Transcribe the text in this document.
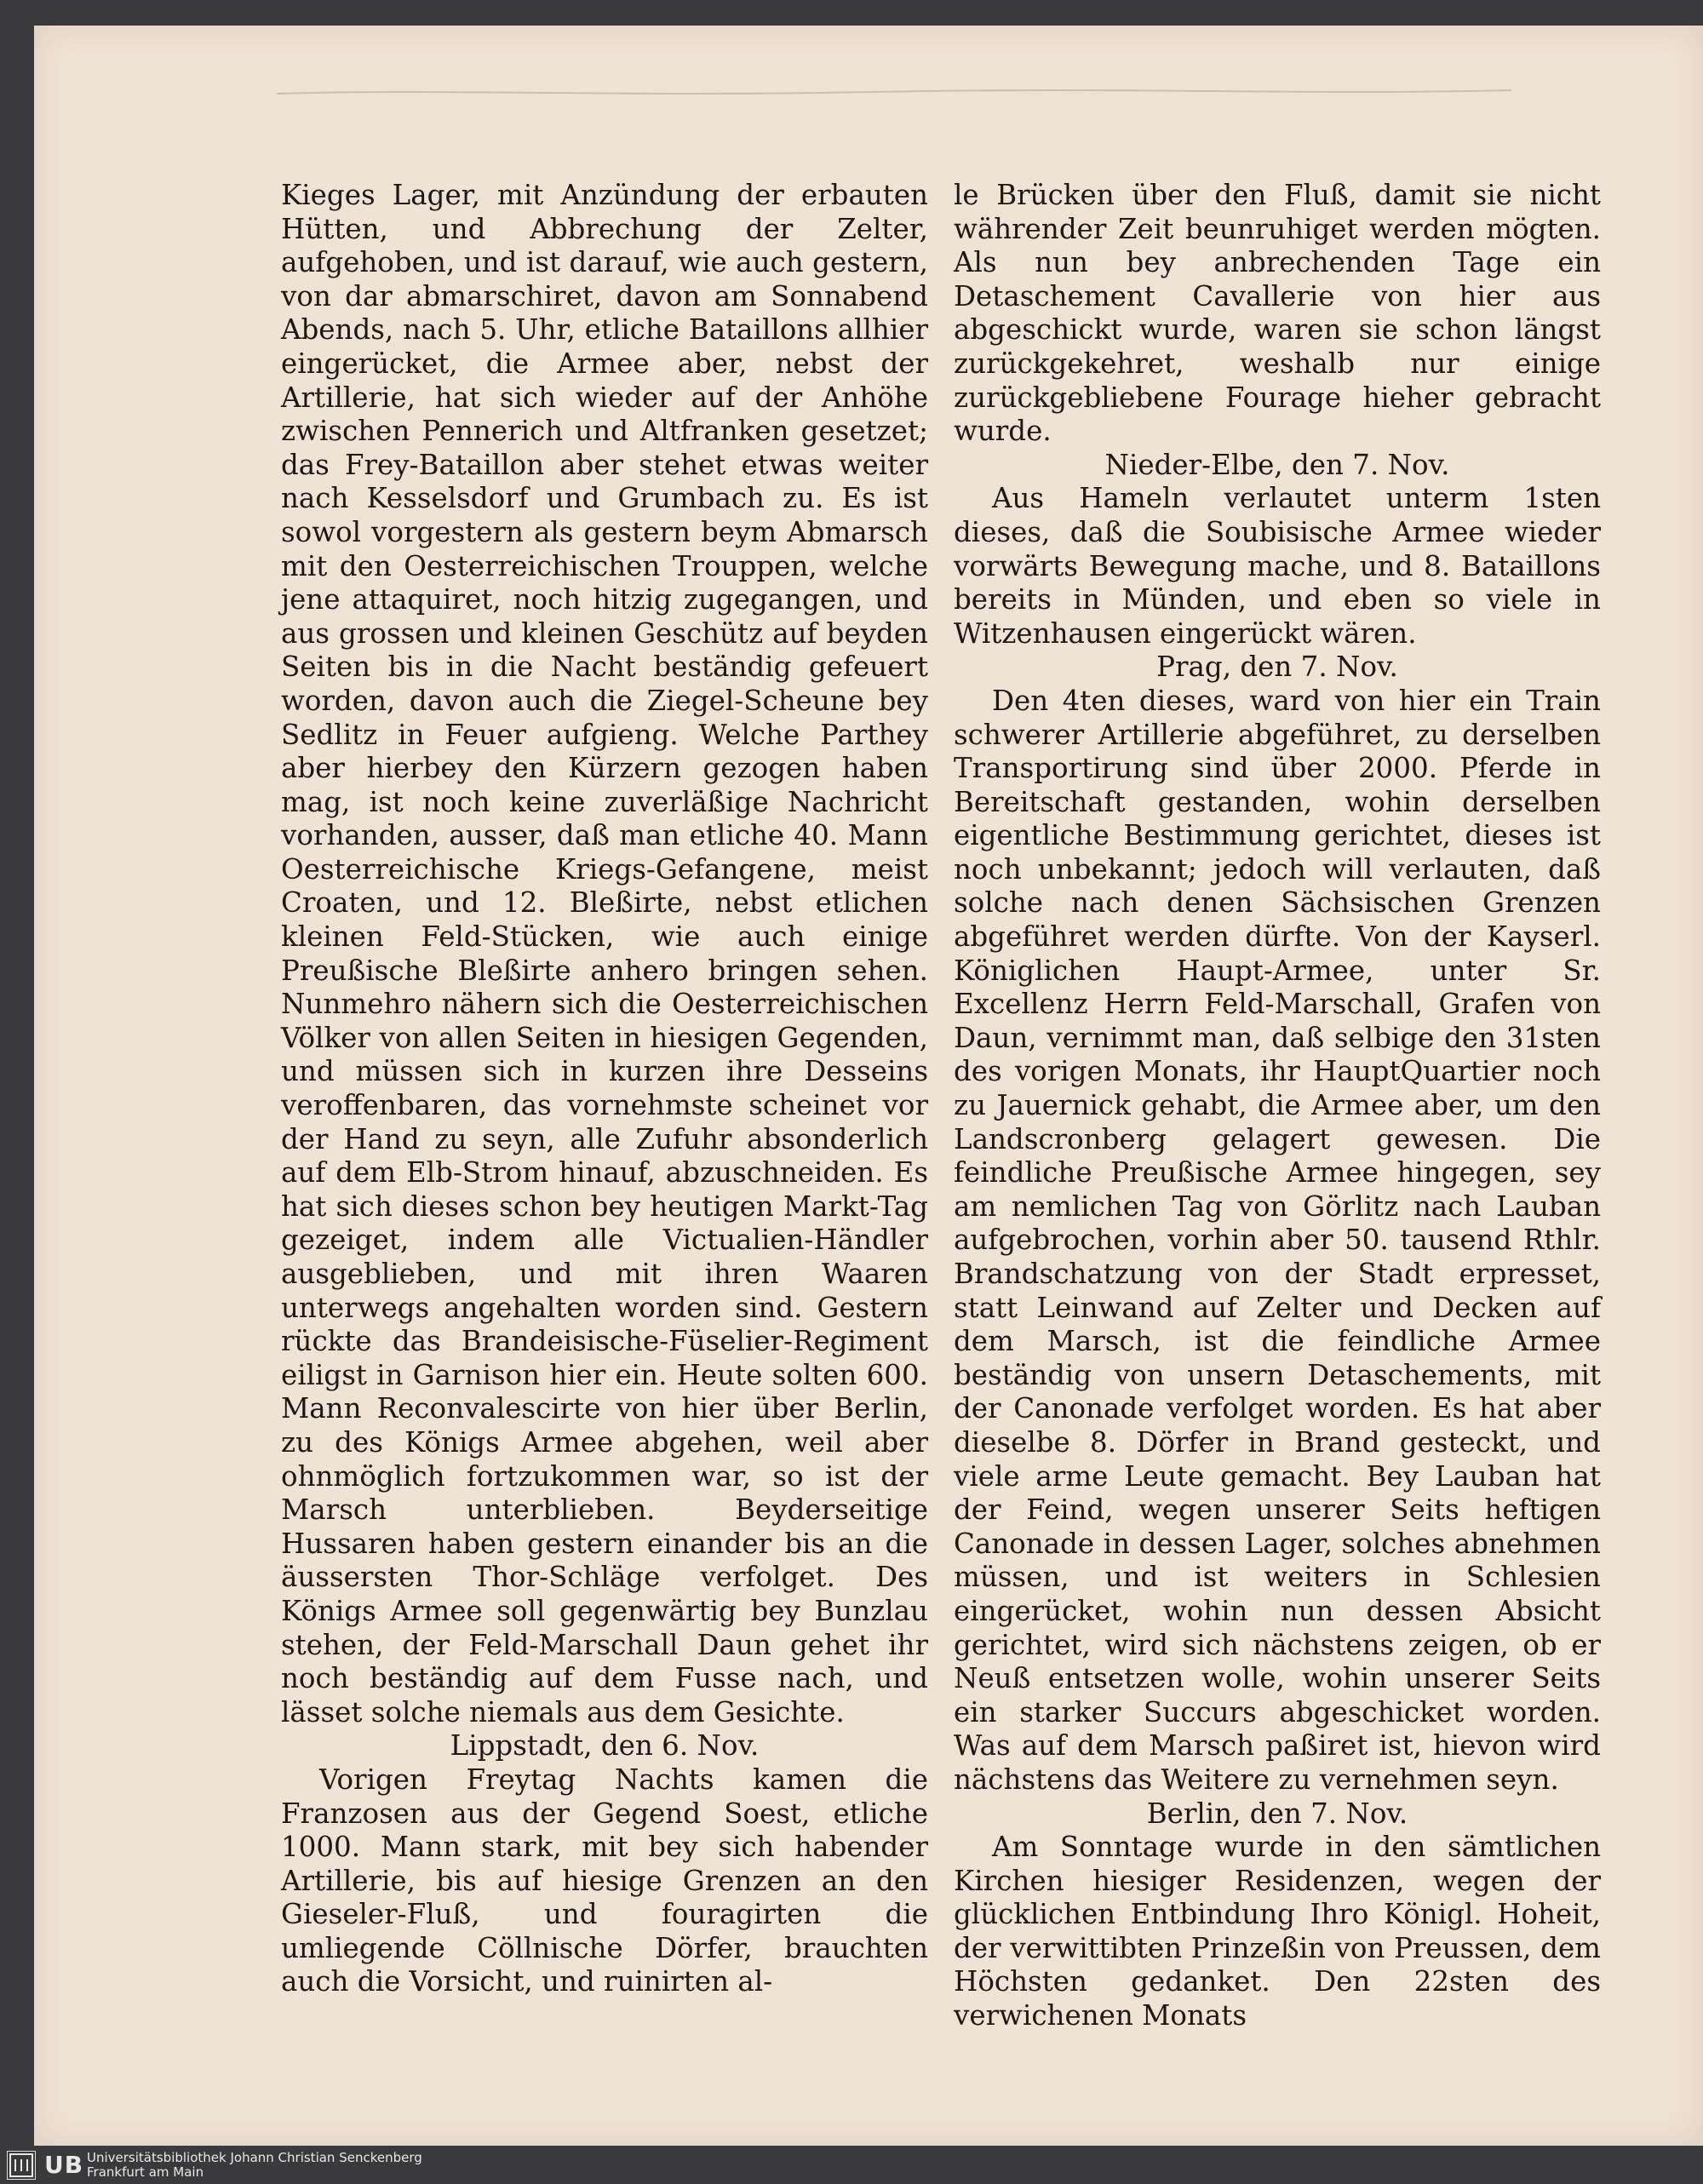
Kieges Lager, mit Anzündung der erbauten Hütten, und Abbrechung der Zelter, aufgehoben, und ist darauf, wie auch gestern, von dar abmarschiret, davon am Sonnabend Abends, nach 5. Uhr, etliche Bataillons allhier eingerücket, die Armee aber, nebst der Artillerie, hat sich wieder auf der Anhöhe zwischen Pennerich und Altfranken gesetzet; das Frey-Bataillon aber stehet etwas weiter nach Kesselsdorf und Grumbach zu. Es ist sowol vorgestern als gestern beym Abmarsch mit den Oesterreichischen Trouppen, welche jene attaquiret, noch hitzig zugegangen, und aus grossen und kleinen Geschütz auf beyden Seiten bis in die Nacht beständig gefeuert worden, davon auch die Ziegel-Scheune bey Sedlitz in Feuer aufgieng. Welche Parthey aber hierbey den Kürzern gezogen haben mag, ist noch keine zuverläßige Nachricht vorhanden, ausser, daß man etliche 40. Mann Oesterreichische Kriegs-Gefangene, meist Croaten, und 12. Bleßirte, nebst etlichen kleinen Feld-Stücken, wie auch einige Preußische Bleßirte anhero bringen sehen. Nunmehro nähern sich die Oesterreichischen Völker von allen Seiten in hiesigen Gegenden, und müssen sich in kurzen ihre Desseins veroffenbaren, das vornehmste scheinet vor der Hand zu seyn, alle Zufuhr absonderlich auf dem Elb-Strom hinauf, abzuschneiden. Es hat sich dieses schon bey heutigen Markt-Tag gezeiget, indem alle Victualien-Händler ausgeblieben, und mit ihren Waaren unterwegs angehalten worden sind. Gestern rückte das Brandeisische-Füselier-Regiment eiligst in Garnison hier ein. Heute solten 600. Mann Reconvalescirte von hier über Berlin, zu des Königs Armee abgehen, weil aber ohnmöglich fortzukommen war, so ist der Marsch unterblieben. Beyderseitige Hussaren haben gestern einander bis an die äussersten Thor-Schläge verfolget. Des Königs Armee soll gegenwärtig bey Bunzlau stehen, der Feld-Marschall Daun gehet ihr noch beständig auf dem Fusse nach, und lässet solche niemals aus dem Gesichte.

Lippstadt, den 6. Nov.

Vorigen Freytag Nachts kamen die Franzosen aus der Gegend Soest, etliche 1000. Mann stark, mit bey sich habender Artillerie, bis auf hiesige Grenzen an den Gieseler-Fluß, und fouragirten die umliegende Cöllnische Dörfer, brauchten auch die Vorsicht, und ruinirten al-

le Brücken über den Fluß, damit sie nicht währender Zeit beunruhiget werden mögten. Als nun bey anbrechenden Tage ein Detaschement Cavallerie von hier aus abgeschickt wurde, waren sie schon längst zurückgekehret, weshalb nur einige zurückgebliebene Fourage hieher gebracht wurde.

Nieder-Elbe, den 7. Nov.

Aus Hameln verlautet unterm 1sten dieses, daß die Soubisische Armee wieder vorwärts Bewegung mache, und 8. Bataillons bereits in Münden, und eben so viele in Witzenhausen eingerückt wären.

Prag, den 7. Nov.

Den 4ten dieses, ward von hier ein Train schwerer Artillerie abgeführet, zu derselben Transportirung sind über 2000. Pferde in Bereitschaft gestanden, wohin derselben eigentliche Bestimmung gerichtet, dieses ist noch unbekannt; jedoch will verlauten, daß solche nach denen Sächsischen Grenzen abgeführet werden dürfte. Von der Kayserl. Königlichen Haupt-Armee, unter Sr. Excellenz Herrn Feld-Marschall, Grafen von Daun, vernimmt man, daß selbige den 31sten des vorigen Monats, ihr HauptQuartier noch zu Jauernick gehabt, die Armee aber, um den Landscronberg gelagert gewesen. Die feindliche Preußische Armee hingegen, sey am nemlichen Tag von Görlitz nach Lauban aufgebrochen, vorhin aber 50. tausend Rthlr. Brandschatzung von der Stadt erpresset, statt Leinwand auf Zelter und Decken auf dem Marsch, ist die feindliche Armee beständig von unsern Detaschements, mit der Canonade verfolget worden. Es hat aber dieselbe 8. Dörfer in Brand gesteckt, und viele arme Leute gemacht. Bey Lauban hat der Feind, wegen unserer Seits heftigen Canonade in dessen Lager, solches abnehmen müssen, und ist weiters in Schlesien eingerücket, wohin nun dessen Absicht gerichtet, wird sich nächstens zeigen, ob er Neuß entsetzen wolle, wohin unserer Seits ein starker Succurs abgeschicket worden. Was auf dem Marsch paßiret ist, hievon wird nächstens das Weitere zu vernehmen seyn.

Berlin, den 7. Nov.

Am Sonntage wurde in den sämtlichen Kirchen hiesiger Residenzen, wegen der glücklichen Entbindung Ihro Königl. Hoheit, der verwittibten Prinzeßin von Preussen, dem Höchsten gedanket. Den 22sten des verwichenen Monats

UB Universitätsbibliothek Johann Christian Senckenberg
Frankfurt am Main
